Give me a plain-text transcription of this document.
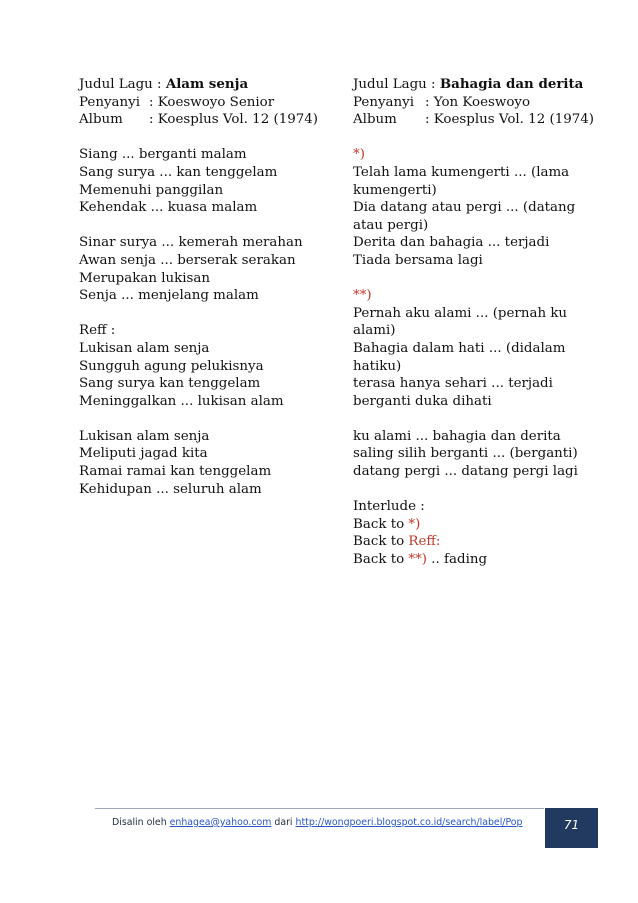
Judul Lagu : Alam senja
Penyanyi : Koeswoyo Senior
Album	: Koesplus Vol. 12 (1974)
Siang ... berganti malam
Sang surya ... kan tenggelam
Memenuhi panggilan
Kehendak ... kuasa malam
Sinar surya ... kemerah merahan
Awan senja ... berserak serakan
Merupakan lukisan
Senja ... menjelang malam
Reff :
Lukisan alam senja
Sungguh agung pelukisnya
Sang surya kan tenggelam
Meninggalkan ... lukisan alam
Lukisan alam senja
Meliputi jagad kita
Ramai ramai kan tenggelam
Kehidupan ... seluruh alam
Judul Lagu : Bahagia dan derita
Penyanyi : Yon Koeswoyo
Album	: Koesplus Vol. 12 (1974)
*)
Telah lama kumengerti ... (lama kumengerti)
Dia datang atau pergi ... (datang atau pergi)
Derita dan bahagia ... terjadi
Tiada bersama lagi
**)
Pernah aku alami ... (pernah ku alami)
Bahagia dalam hati ... (didalam hatiku)
terasa hanya sehari ... terjadi berganti duka dihati
ku alami ... bahagia dan derita
saling silih berganti ... (berganti)
datang pergi ... datang pergi lagi
Interlude :
Back to *)
Back to Reff:
Back to **) .. fading
Disalin oleh enhagea@yahoo.com dari http://wongpoeri.blogspot.co.id/search/label/Pop	71
